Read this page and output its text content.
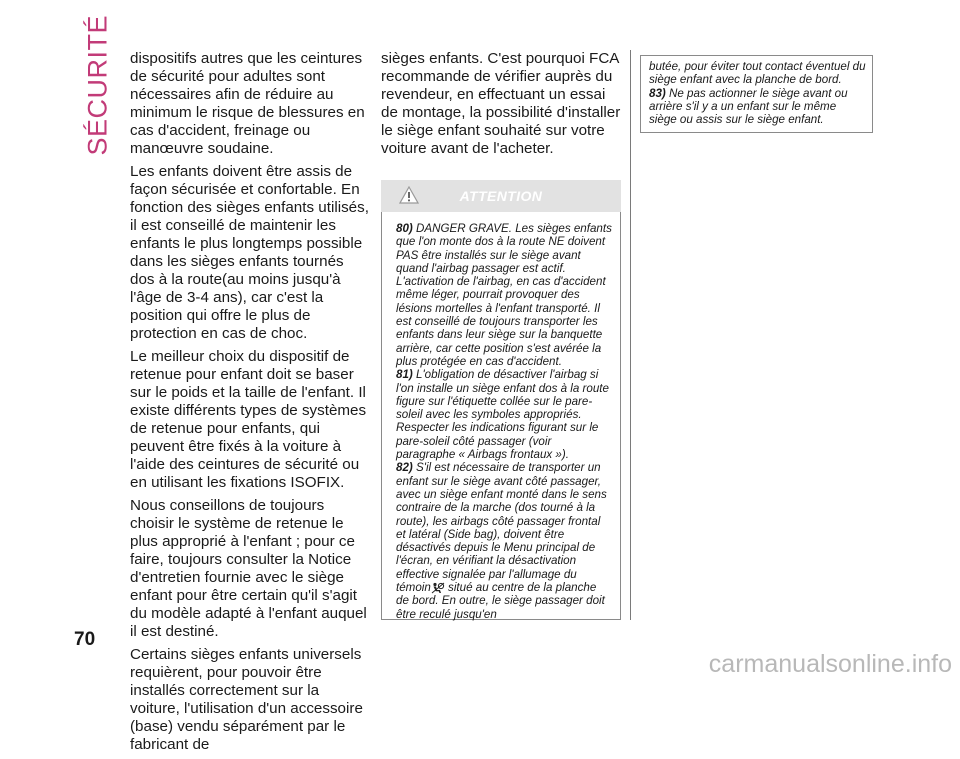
SÉCURITÉ dispositifs autres que les ceintures de sécurité pour adultes sont nécessaires afin de réduire au minimum le risque de blessures en cas d'accident, freinage ou manœuvre soudaine.

Les enfants doivent être assis de façon sécurisée et confortable. En fonction des sièges enfants utilisés, il est conseillé de maintenir les enfants le plus longtemps possible dans les sièges enfants tournés dos à la route(au moins jusqu'à l'âge de 3-4 ans), car c'est la position qui offre le plus de protection en cas de choc.

Le meilleur choix du dispositif de retenue pour enfant doit se baser sur le poids et la taille de l'enfant. Il existe différents types de systèmes de retenue pour enfants, qui peuvent être fixés à la voiture à l'aide des ceintures de sécurité ou en utilisant les fixations ISOFIX.

Nous conseillons de toujours choisir le système de retenue le plus approprié à l'enfant ; pour ce faire, toujours consulter la Notice d'entretien fournie avec le siège enfant pour être certain qu'il s'agit du modèle adapté à l'enfant auquel il est destiné.

Certains sièges enfants universels requièrent, pour pouvoir être installés correctement sur la voiture, l'utilisation d'un accessoire (base) vendu séparément par le fabricant de

sièges enfants. C'est pourquoi FCA recommande de vérifier auprès du revendeur, en effectuant un essai de montage, la possibilité d'installer le siège enfant souhaité sur votre voiture avant de l'acheter.

ATTENTION

80) DANGER GRAVE. Les sièges enfants que l'on monte dos à la route NE doivent PAS être installés sur le siège avant quand l'airbag passager est actif. L'activation de l'airbag, en cas d'accident même léger, pourrait provoquer des lésions mortelles à l'enfant transporté. Il est conseillé de toujours transporter les enfants dans leur siège sur la banquette arrière, car cette position s'est avérée la plus protégée en cas d'accident.

81) L'obligation de désactiver l'airbag si l'on installe un siège enfant dos à la route figure sur l'étiquette collée sur le pare-soleil avec les symboles appropriés. Respecter les indications figurant sur le pare-soleil côté passager (voir paragraphe « Airbags frontaux »).

82) S'il est nécessaire de transporter un enfant sur le siège avant côté passager, avec un siège enfant monté dans le sens contraire de la marche (dos tourné à la route), les airbags côté passager frontal et latéral (Side bag), doivent être désactivés depuis le Menu principal de l'écran, en vérifiant la désactivation effective signalée par l'allumage du témoin situé au centre de la planche de bord. En outre, le siège passager doit être reculé jusqu'en

butée, pour éviter tout contact éventuel du siège enfant avec la planche de bord.

83) Ne pas actionner le siège avant ou arrière s'il y a un enfant sur le même siège ou assis sur le siège enfant.

70
carmanualsonline.info
